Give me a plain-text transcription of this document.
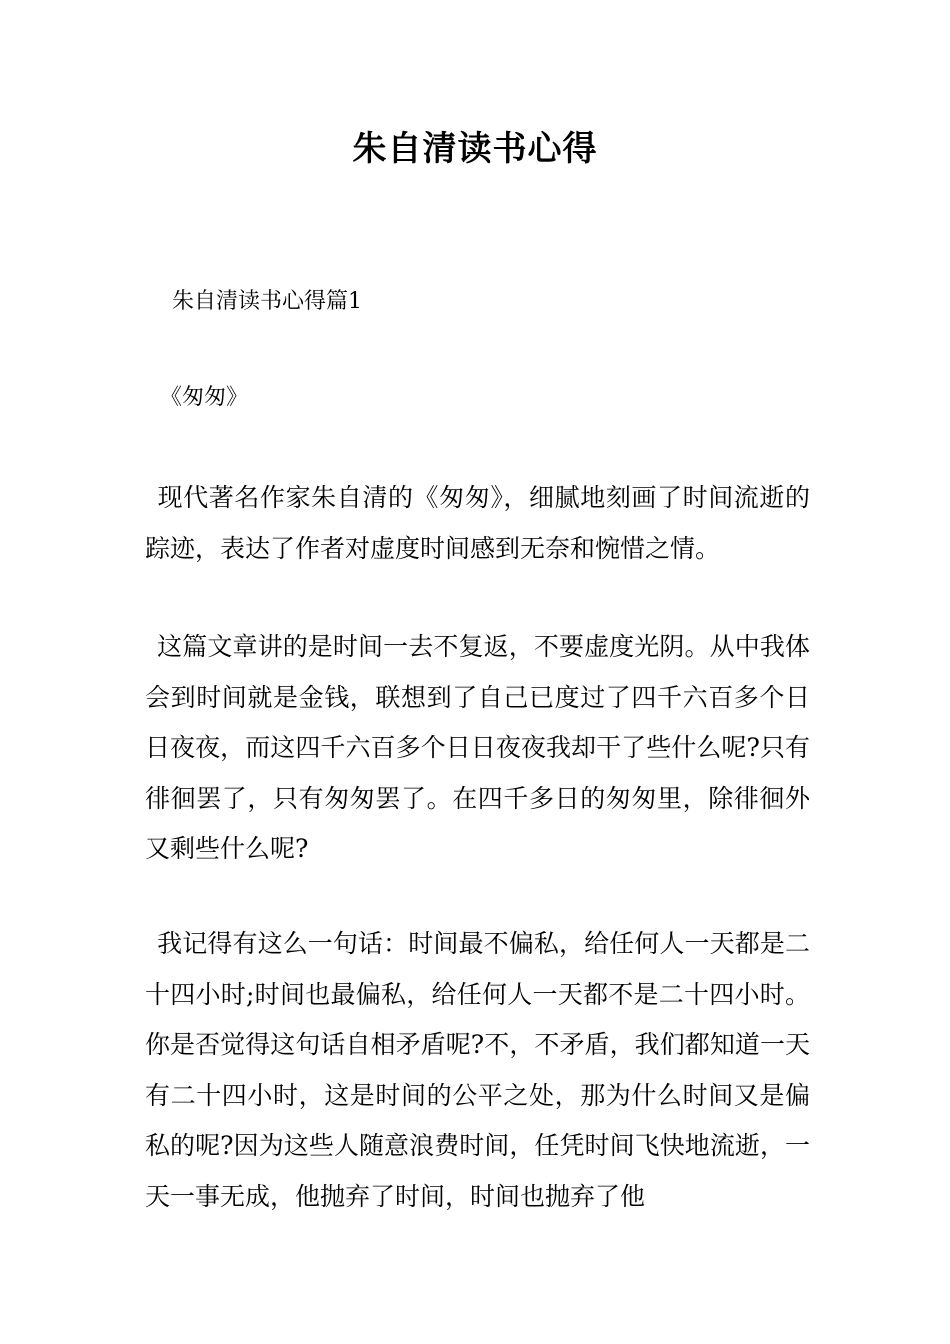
朱自清读书心得

朱自清读书心得篇1

《匆匆》

现代著名作家朱自清的《匆匆》，细腻地刻画了时间流逝的踪迹，表达了作者对虚度时间感到无奈和惋惜之情。

这篇文章讲的是时间一去不复返，不要虚度光阴。从中我体会到时间就是金钱，联想到了自己已度过了四千六百多个日日夜夜，而这四千六百多个日日夜夜我却干了些什么呢?只有徘徊罢了，只有匆匆罢了。在四千多日的匆匆里，除徘徊外又剩些什么呢?

我记得有这么一句话：时间最不偏私，给任何人一天都是二十四小时;时间也最偏私，给任何人一天都不是二十四小时。你是否觉得这句话自相矛盾呢?不，不矛盾，我们都知道一天有二十四小时，这是时间的公平之处，那为什么时间又是偏私的呢?因为这些人随意浪费时间，任凭时间飞快地流逝，一天一事无成，他抛弃了时间，时间也抛弃了他
